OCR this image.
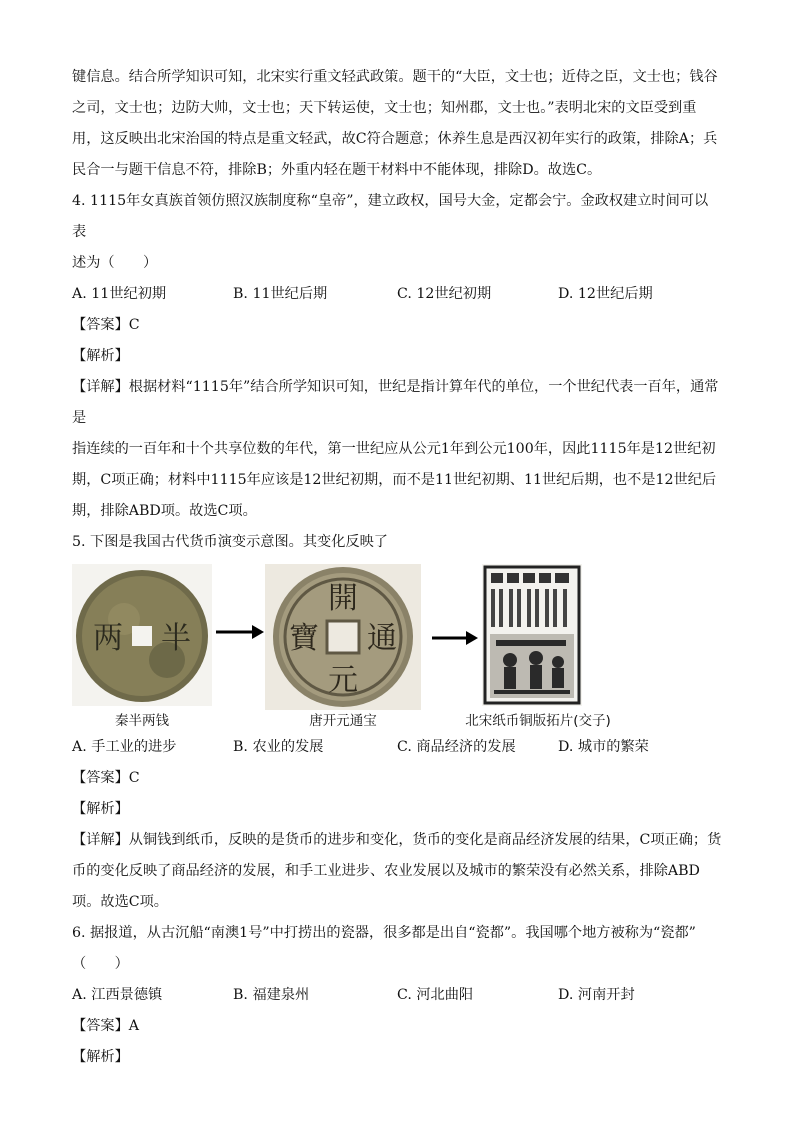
键信息。结合所学知识可知，北宋实行重文轻武政策。题干的“大臣，文士也；近侍之臣，文士也；钱谷

之司，文士也；边防大帅，文士也；天下转运使，文士也；知州郡，文士也。”表明北宋的文臣受到重

用，这反映出北宋治国的特点是重文轻武，故C符合题意；休养生息是西汉初年实行的政策，排除A；兵

民合一与题干信息不符，排除B；外重内轻在题干材料中不能体现，排除D。故选C。

4. 1115年女真族首领仿照汉族制度称“皇帝”，建立政权，国号大金，定都会宁。金政权建立时间可以表

述为（　　）

A. 11世纪初期	B. 11世纪后期	C. 12世纪初期	D. 12世纪后期

【答案】C

【解析】

【详解】根据材料“1115年”结合所学知识可知，世纪是指计算年代的单位，一个世纪代表一百年，通常是

指连续的一百年和十个共享位数的年代，第一世纪应从公元1年到公元100年，因此1115年是12世纪初

期，C项正确；材料中1115年应该是12世纪初期，而不是11世纪初期、11世纪后期，也不是12世纪后

期，排除ABD项。故选C项。

5. 下图是我国古代货币演变示意图。其变化反映了

两 半
秦半两钱
開
元
通
寶
唐开元通宝	北宋纸币铜版拓片(交子)
A. 手工业的进步	B. 农业的发展	C. 商品经济的发展	D. 城市的繁荣

【答案】C

【解析】

【详解】从铜钱到纸币，反映的是货币的进步和变化，货币的变化是商品经济发展的结果，C项正确；货

币的变化反映了商品经济的发展，和手工业进步、农业发展以及城市的繁荣没有必然关系，排除ABD

项。故选C项。

6. 据报道，从古沉船“南澳1号”中打捞出的瓷器，很多都是出自“瓷都”。我国哪个地方被称为“瓷都”

（　　）

A. 江西景德镇	B. 福建泉州	C. 河北曲阳	D. 河南开封

【答案】A

【解析】
